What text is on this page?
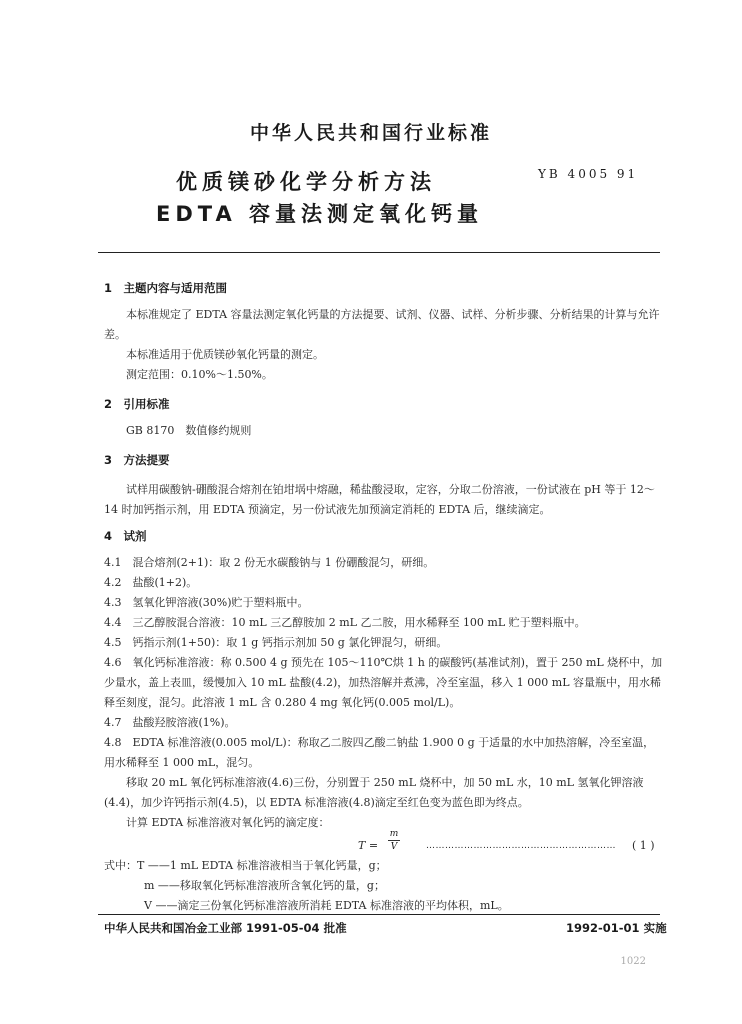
中华人民共和国行业标准
优质镁砂化学分析方法	YB 4005 91
EDTA 容量法测定氧化钙量
1　主题内容与适用范围
本标准规定了 EDTA 容量法测定氧化钙量的方法提要、试剂、仪器、试样、分析步骤、分析结果的计算与允许差。
本标准适用于优质镁砂氧化钙量的测定。
测定范围：0.10%～1.50%。
2　引用标准
GB 8170　数值修约规则
3　方法提要
试样用碳酸钠-硼酸混合熔剂在铂坩埚中熔融，稀盐酸浸取，定容，分取二份溶液，一份试液在 pH 等于 12～14 时加钙指示剂，用 EDTA 预滴定，另一份试液先加预滴定消耗的 EDTA 后，继续滴定。
4　试剂
4.1　混合熔剂(2+1)：取 2 份无水碳酸钠与 1 份硼酸混匀，研细。
4.2　盐酸(1+2)。
4.3　氢氧化钾溶液(30%)贮于塑料瓶中。
4.4　三乙醇胺混合溶液：10 mL 三乙醇胺加 2 mL 乙二胺，用水稀释至 100 mL 贮于塑料瓶中。
4.5　钙指示剂(1+50)：取 1 g 钙指示剂加 50 g 氯化钾混匀，研细。
4.6　氧化钙标准溶液：称 0.500 4 g 预先在 105～110℃烘 1 h 的碳酸钙(基准试剂)，置于 250 mL 烧杯中，加少量水，盖上表皿，缓慢加入 10 mL 盐酸(4.2)，加热溶解并煮沸，冷至室温，移入 1 000 mL 容量瓶中，用水稀释至刻度，混匀。此溶液 1 mL 含 0.280 4 mg 氧化钙(0.005 mol/L)。
4.7　盐酸羟胺溶液(1%)。
4.8　EDTA 标准溶液(0.005 mol/L)：称取乙二胺四乙酸二钠盐 1.900 0 g 于适量的水中加热溶解，冷至室温，用水稀释至 1 000 mL，混匀。
移取 20 mL 氧化钙标准溶液(4.6)三份，分别置于 250 mL 烧杯中，加 50 mL 水，10 mL 氢氧化钾溶液(4.4)，加少许钙指示剂(4.5)，以 EDTA 标准溶液(4.8)滴定至红色变为蓝色即为终点。
计算 EDTA 标准溶液对氧化钙的滴定度：
$T = \frac{m}{V}$	…………………………………………………… ( 1 )
式中：T ——1 mL EDTA 标准溶液相当于氧化钙量，g；
m ——移取氧化钙标准溶液所含氧化钙的量，g；
V ——滴定三份氧化钙标准溶液所消耗 EDTA 标准溶液的平均体积，mL。
中华人民共和国冶金工业部 1991-05-04 批准	1992-01-01 实施
1022
